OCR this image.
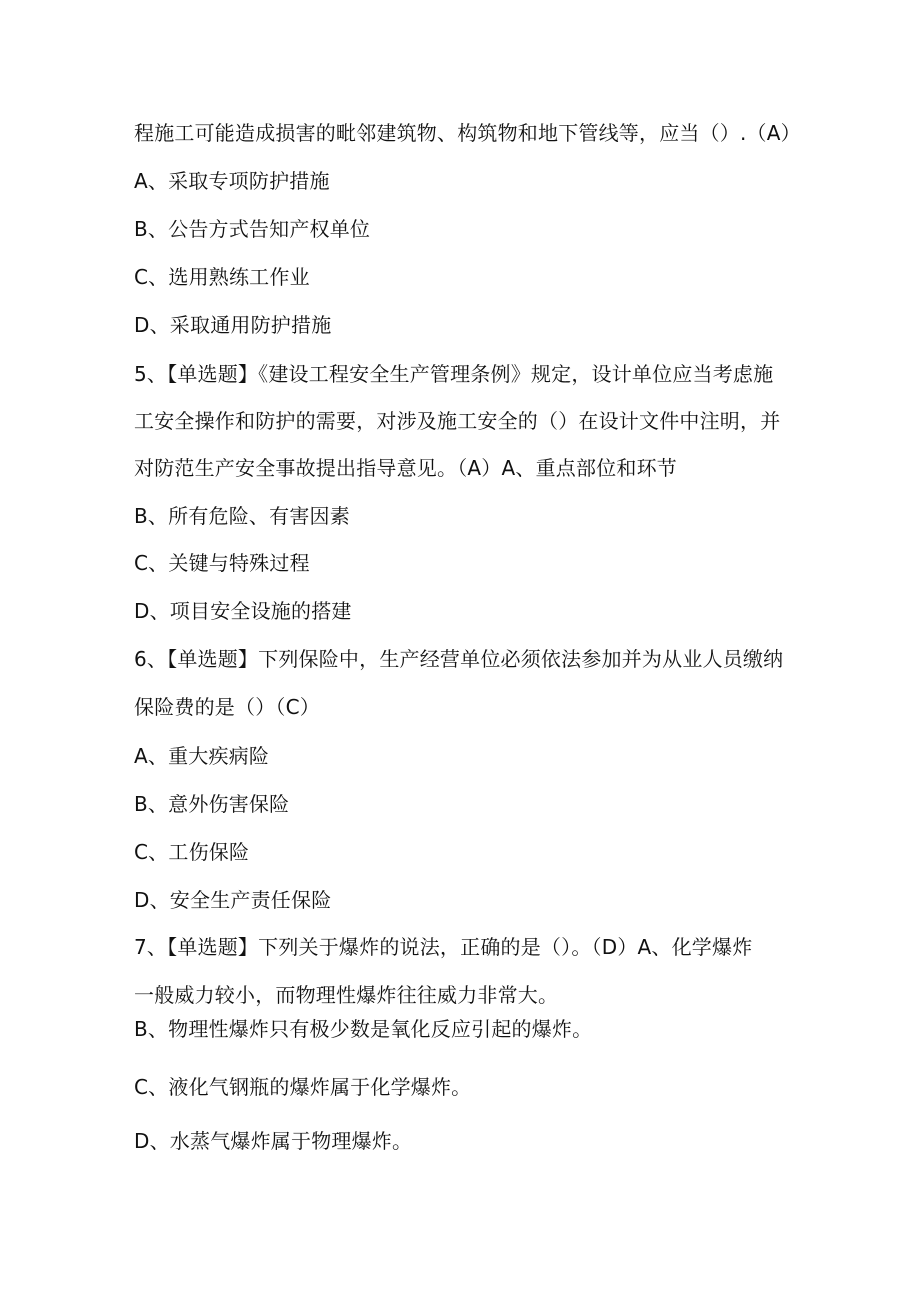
程施工可能造成损害的毗邻建筑物、构筑物和地下管线等，应当（）.（A）
A、采取专项防护措施
B、公告方式告知产权单位
C、选用熟练工作业
D、采取通用防护措施
5、【单选题】《建设工程安全生产管理条例》规定，设计单位应当考虑施
工安全操作和防护的需要，对涉及施工安全的（）在设计文件中注明，并
对防范生产安全事故提出指导意见。（A）A、重点部位和环节
B、所有危险、有害因素
C、关键与特殊过程
D、项目安全设施的搭建
6、【单选题】下列保险中，生产经营单位必须依法参加并为从业人员缴纳
保险费的是（）（C）
A、重大疾病险
B、意外伤害保险
C、工伤保险
D、安全生产责任保险
7、【单选题】下列关于爆炸的说法，正确的是（）。（D）A、化学爆炸
一般威力较小，而物理性爆炸往往威力非常大。
B、物理性爆炸只有极少数是氧化反应引起的爆炸。
C、液化气钢瓶的爆炸属于化学爆炸。
D、水蒸气爆炸属于物理爆炸。
